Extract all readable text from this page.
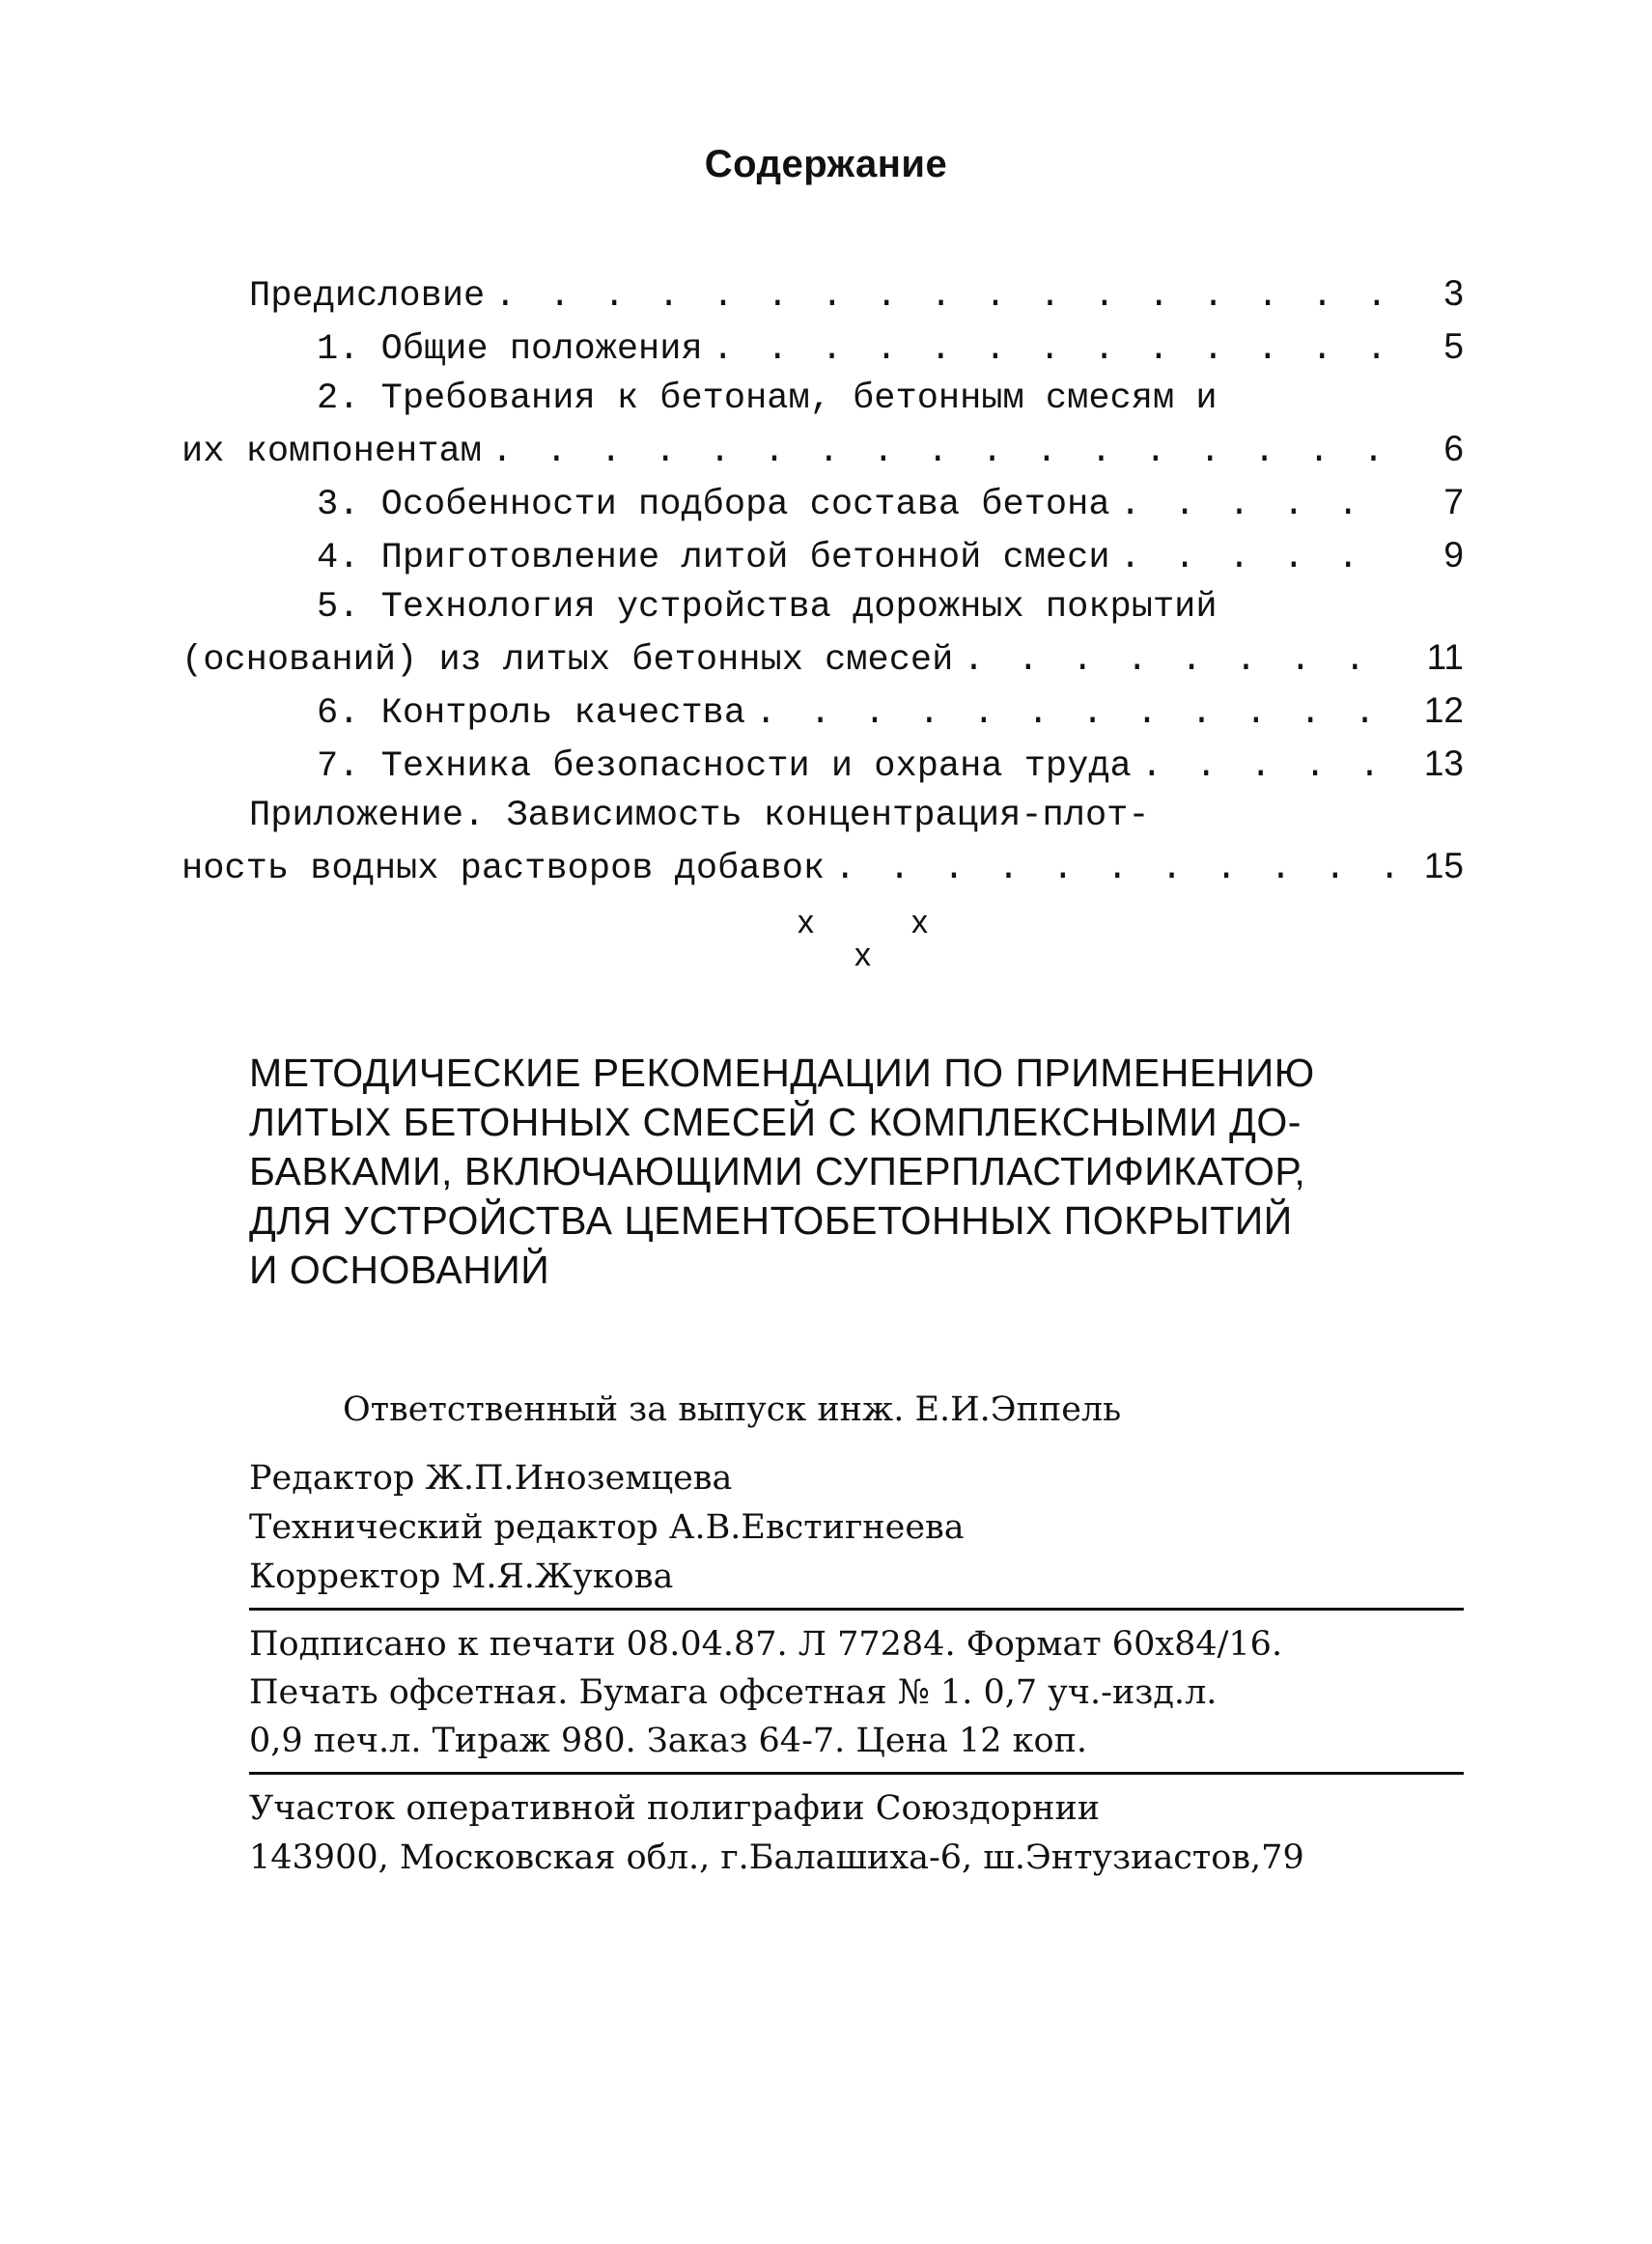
Содержание
Предисловие . . .	3
1. Общие положения . . .	5
2. Требования к бетонам, бетонным смесям и
их компонентам . . .	6
3. Особенности подбора состава бетона . . .	7
4. Приготовление литой бетонной смеси . . .	9
5. Технология устройства дорожных покрытий
(оснований) из литых бетонных смесей . . .	11
6. Контроль качества . . .	12
7. Техника безопасности и охрана труда . . .	13
Приложение. Зависимость концентрация-плот-
ность водных растворов добавок . . .	15
x	x
x
МЕТОДИЧЕСКИЕ РЕКОМЕНДАЦИИ ПО ПРИМЕНЕНИЮ
ЛИТЫХ БЕТОННЫХ СМЕСЕЙ С КОМПЛЕКСНЫМИ ДО-
БАВКАМИ, ВКЛЮЧАЮЩИМИ СУПЕРПЛАСТИФИКАТОР,
ДЛЯ УСТРОЙСТВА ЦЕМЕНТОБЕТОННЫХ ПОКРЫТИЙ
И ОСНОВАНИЙ
Ответственный за выпуск инж. Е.И.Эппель
Редактор Ж.П.Иноземцева
Технический редактор А.В.Евстигнеева
Корректор М.Я.Жукова
Подписано к печати 08.04.87. Л 77284. Формат 60х84/16.
Печать офсетная. Бумага офсетная № 1. 0,7 уч.-изд.л.
0,9 печ.л. Тираж 980. Заказ 64-7. Цена 12 коп.
Участок оперативной полиграфии Союздорнии
143900, Московская обл., г.Балашиха-6, ш.Энтузиастов,79
